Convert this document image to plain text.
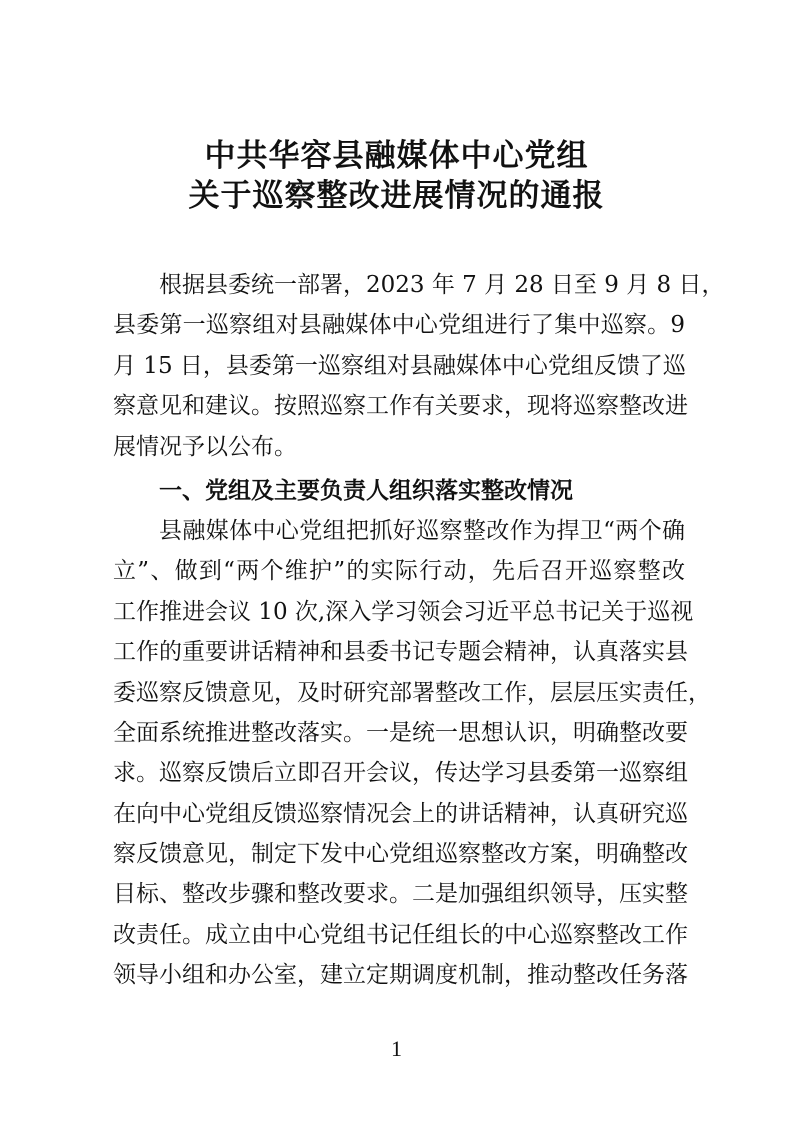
中共华容县融媒体中心党组
关于巡察整改进展情况的通报
根据县委统一部署，2023 年 7 月 28 日至 9 月 8 日，
县委第一巡察组对县融媒体中心党组进行了集中巡察。9
月 15 日，县委第一巡察组对县融媒体中心党组反馈了巡
察意见和建议。按照巡察工作有关要求，现将巡察整改进
展情况予以公布。
一、党组及主要负责人组织落实整改情况
县融媒体中心党组把抓好巡察整改作为捍卫“两个确
立”、做到“两个维护”的实际行动，先后召开巡察整改
工作推进会议 10 次,深入学习领会习近平总书记关于巡视
工作的重要讲话精神和县委书记专题会精神，认真落实县
委巡察反馈意见，及时研究部署整改工作，层层压实责任，
全面系统推进整改落实。一是统一思想认识，明确整改要
求。巡察反馈后立即召开会议，传达学习县委第一巡察组
在向中心党组反馈巡察情况会上的讲话精神，认真研究巡
察反馈意见，制定下发中心党组巡察整改方案，明确整改
目标、整改步骤和整改要求。二是加强组织领导，压实整
改责任。成立由中心党组书记任组长的中心巡察整改工作
领导小组和办公室，建立定期调度机制，推动整改任务落
1
